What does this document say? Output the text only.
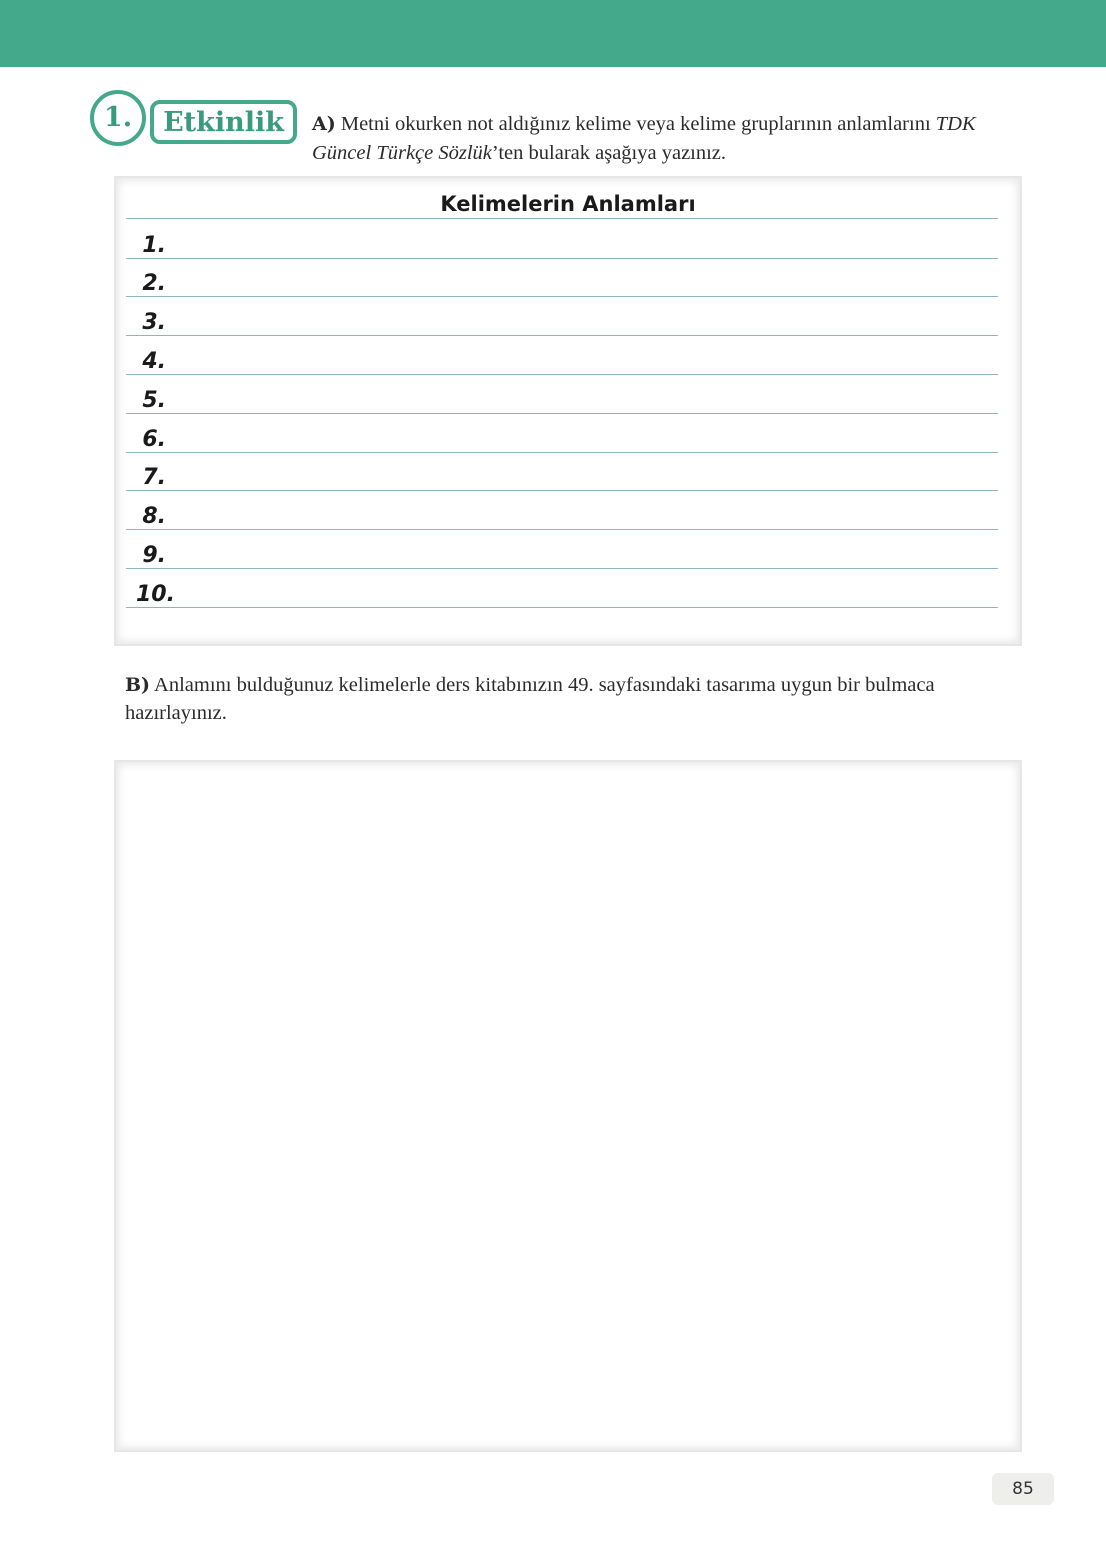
1.	Etkinlik	A) Metni okurken not aldığınız kelime veya kelime gruplarının anlamlarını TDK Güncel Türkçe Sözlük’ten bularak aşağıya yazınız.
Kelimelerin Anlamları
1.
2.
3.
4.
5.
6.
7.
8.
9.
10.
B) Anlamını bulduğunuz kelimelerle ders kitabınızın 49. sayfasındaki tasarıma uygun bir bulmaca hazırlayınız.
85
